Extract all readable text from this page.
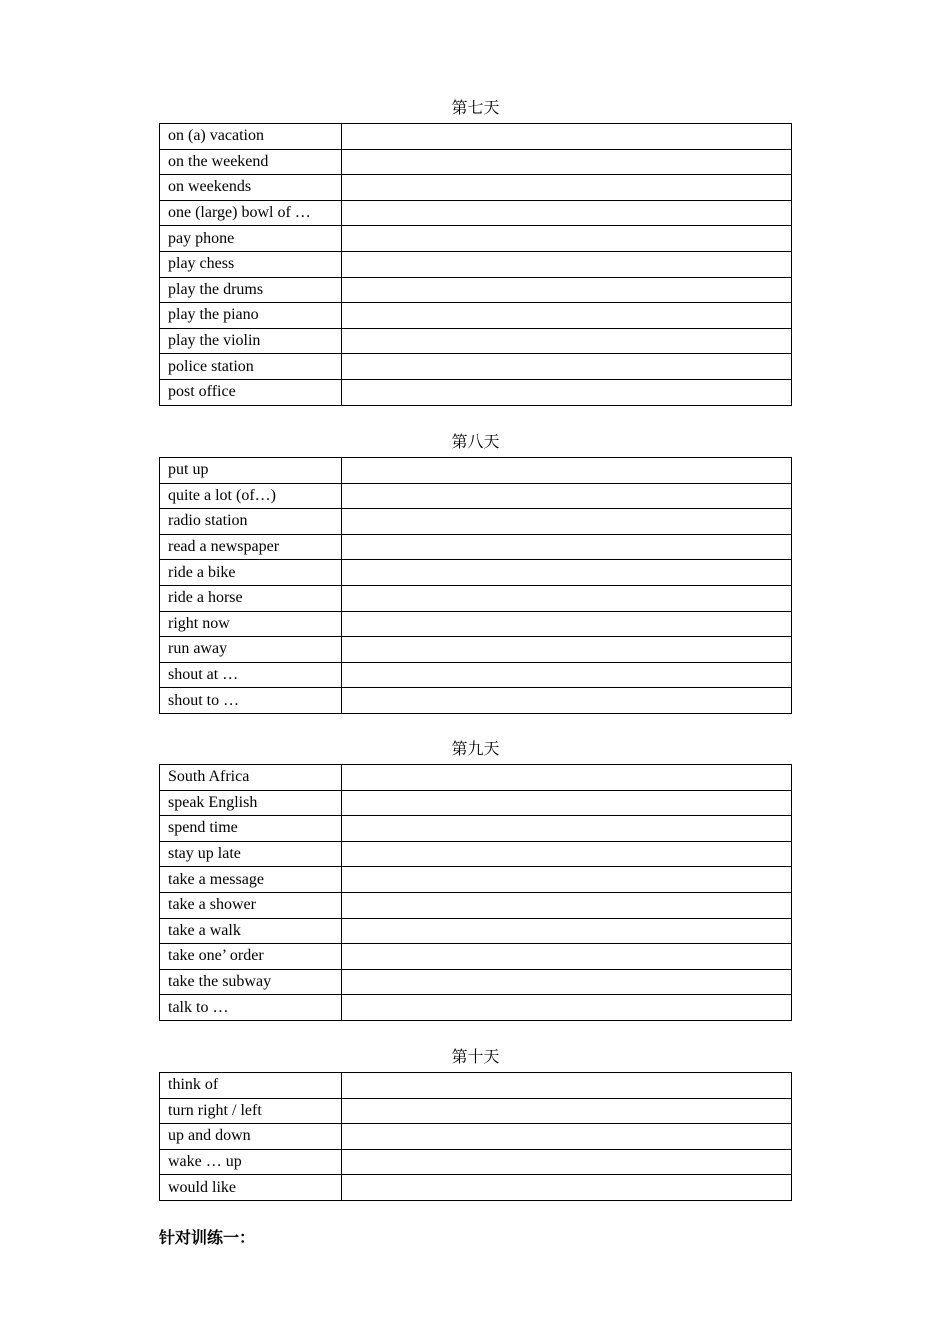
第七天
on (a) vacation	
on the weekend	
on weekends	
one (large) bowl of …	
pay phone	
play chess	
play the drums	
play the piano	
play the violin	
police station	
post office	
第八天
put up	
quite a lot (of…)	
radio station	
read a newspaper	
ride a bike	
ride a horse	
right now	
run away	
shout at …	
shout to …	
第九天
South Africa	
speak English	
spend time	
stay up late	
take a message	
take a shower	
take a walk	
take one’ order	
take the subway	
talk to …	
第十天
think of	
turn right / left	
up and down	
wake … up	
would like	
针对训练一：
